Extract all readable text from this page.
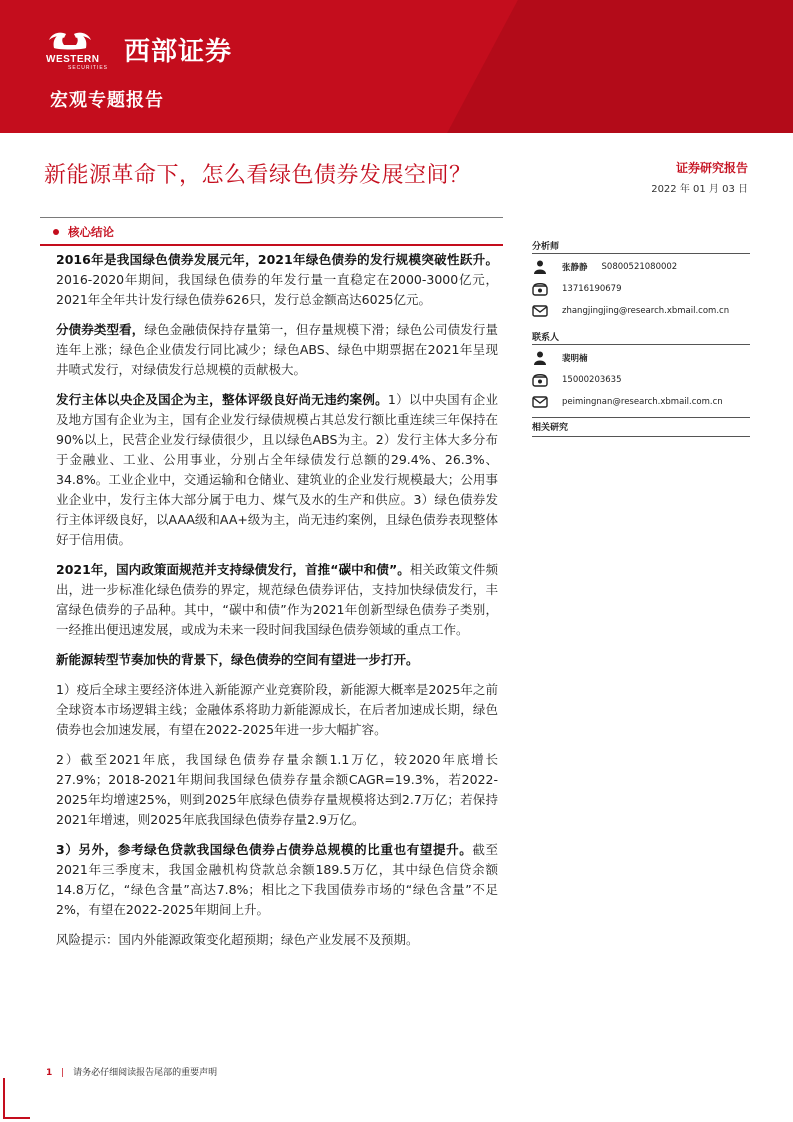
WESTERN
SECURITIES
西部证券
宏观专题报告
新能源革命下，怎么看绿色债券发展空间？	证券研究报告
2022 年 01 月 03 日
核心结论

2016年是我国绿色债券发展元年，2021年绿色债券的发行规模突破性跃升。2016-2020年期间，我国绿色债券的年发行量一直稳定在2000-3000亿元，2021年全年共计发行绿色债券626只，发行总金额高达6025亿元。

分债券类型看，绿色金融债保持存量第一，但存量规模下滑；绿色公司债发行量连年上涨；绿色企业债发行同比减少；绿色ABS、绿色中期票据在2021年呈现井喷式发行，对绿债发行总规模的贡献极大。

发行主体以央企及国企为主，整体评级良好尚无违约案例。1）以中央国有企业及地方国有企业为主，国有企业发行绿债规模占其总发行额比重连续三年保持在90%以上，民营企业发行绿债很少，且以绿色ABS为主。2）发行主体大多分布于金融业、工业、公用事业，分别占全年绿债发行总额的29.4%、26.3%、34.8%。工业企业中，交通运输和仓储业、建筑业的企业发行规模最大；公用事业企业中，发行主体大部分属于电力、煤气及水的生产和供应。3）绿色债券发行主体评级良好，以AAA级和AA+级为主，尚无违约案例，且绿色债券表现整体好于信用债。

2021年，国内政策面规范并支持绿债发行，首推“碳中和债”。相关政策文件频出，进一步标准化绿色债券的界定，规范绿色债券评估，支持加快绿债发行，丰富绿色债券的子品种。其中，“碳中和债”作为2021年创新型绿色债券子类别，一经推出便迅速发展，或成为未来一段时间我国绿色债券领域的重点工作。

新能源转型节奏加快的背景下，绿色债券的空间有望进一步打开。

1）疫后全球主要经济体进入新能源产业竞赛阶段，新能源大概率是2025年之前全球资本市场逻辑主线；金融体系将助力新能源成长，在后者加速成长期，绿色债券也会加速发展，有望在2022-2025年进一步大幅扩容。

2）截至2021年底，我国绿色债券存量余额1.1万亿，较2020年底增长27.9%；2018-2021年期间我国绿色债券存量余额CAGR=19.3%，若2022-2025年均增速25%，则到2025年底绿色债券存量规模将达到2.7万亿；若保持2021年增速，则2025年底我国绿色债券存量2.9万亿。

3）另外，参考绿色贷款我国绿色债券占债券总规模的比重也有望提升。截至2021年三季度末，我国金融机构贷款总余额189.5万亿，其中绿色信贷余额14.8万亿，“绿色含量”高达7.8%；相比之下我国债券市场的“绿色含量”不足2%，有望在2022-2025年期间上升。

风险提示：国内外能源政策变化超预期；绿色产业发展不及预期。

分析师
张静静 S0800521080002
13716190679
zhangjingjing@research.xbmail.com.cn
联系人
裴明楠
15000203635
peimingnan@research.xbmail.com.cn
相关研究
1 | 请务必仔细阅读报告尾部的重要声明
